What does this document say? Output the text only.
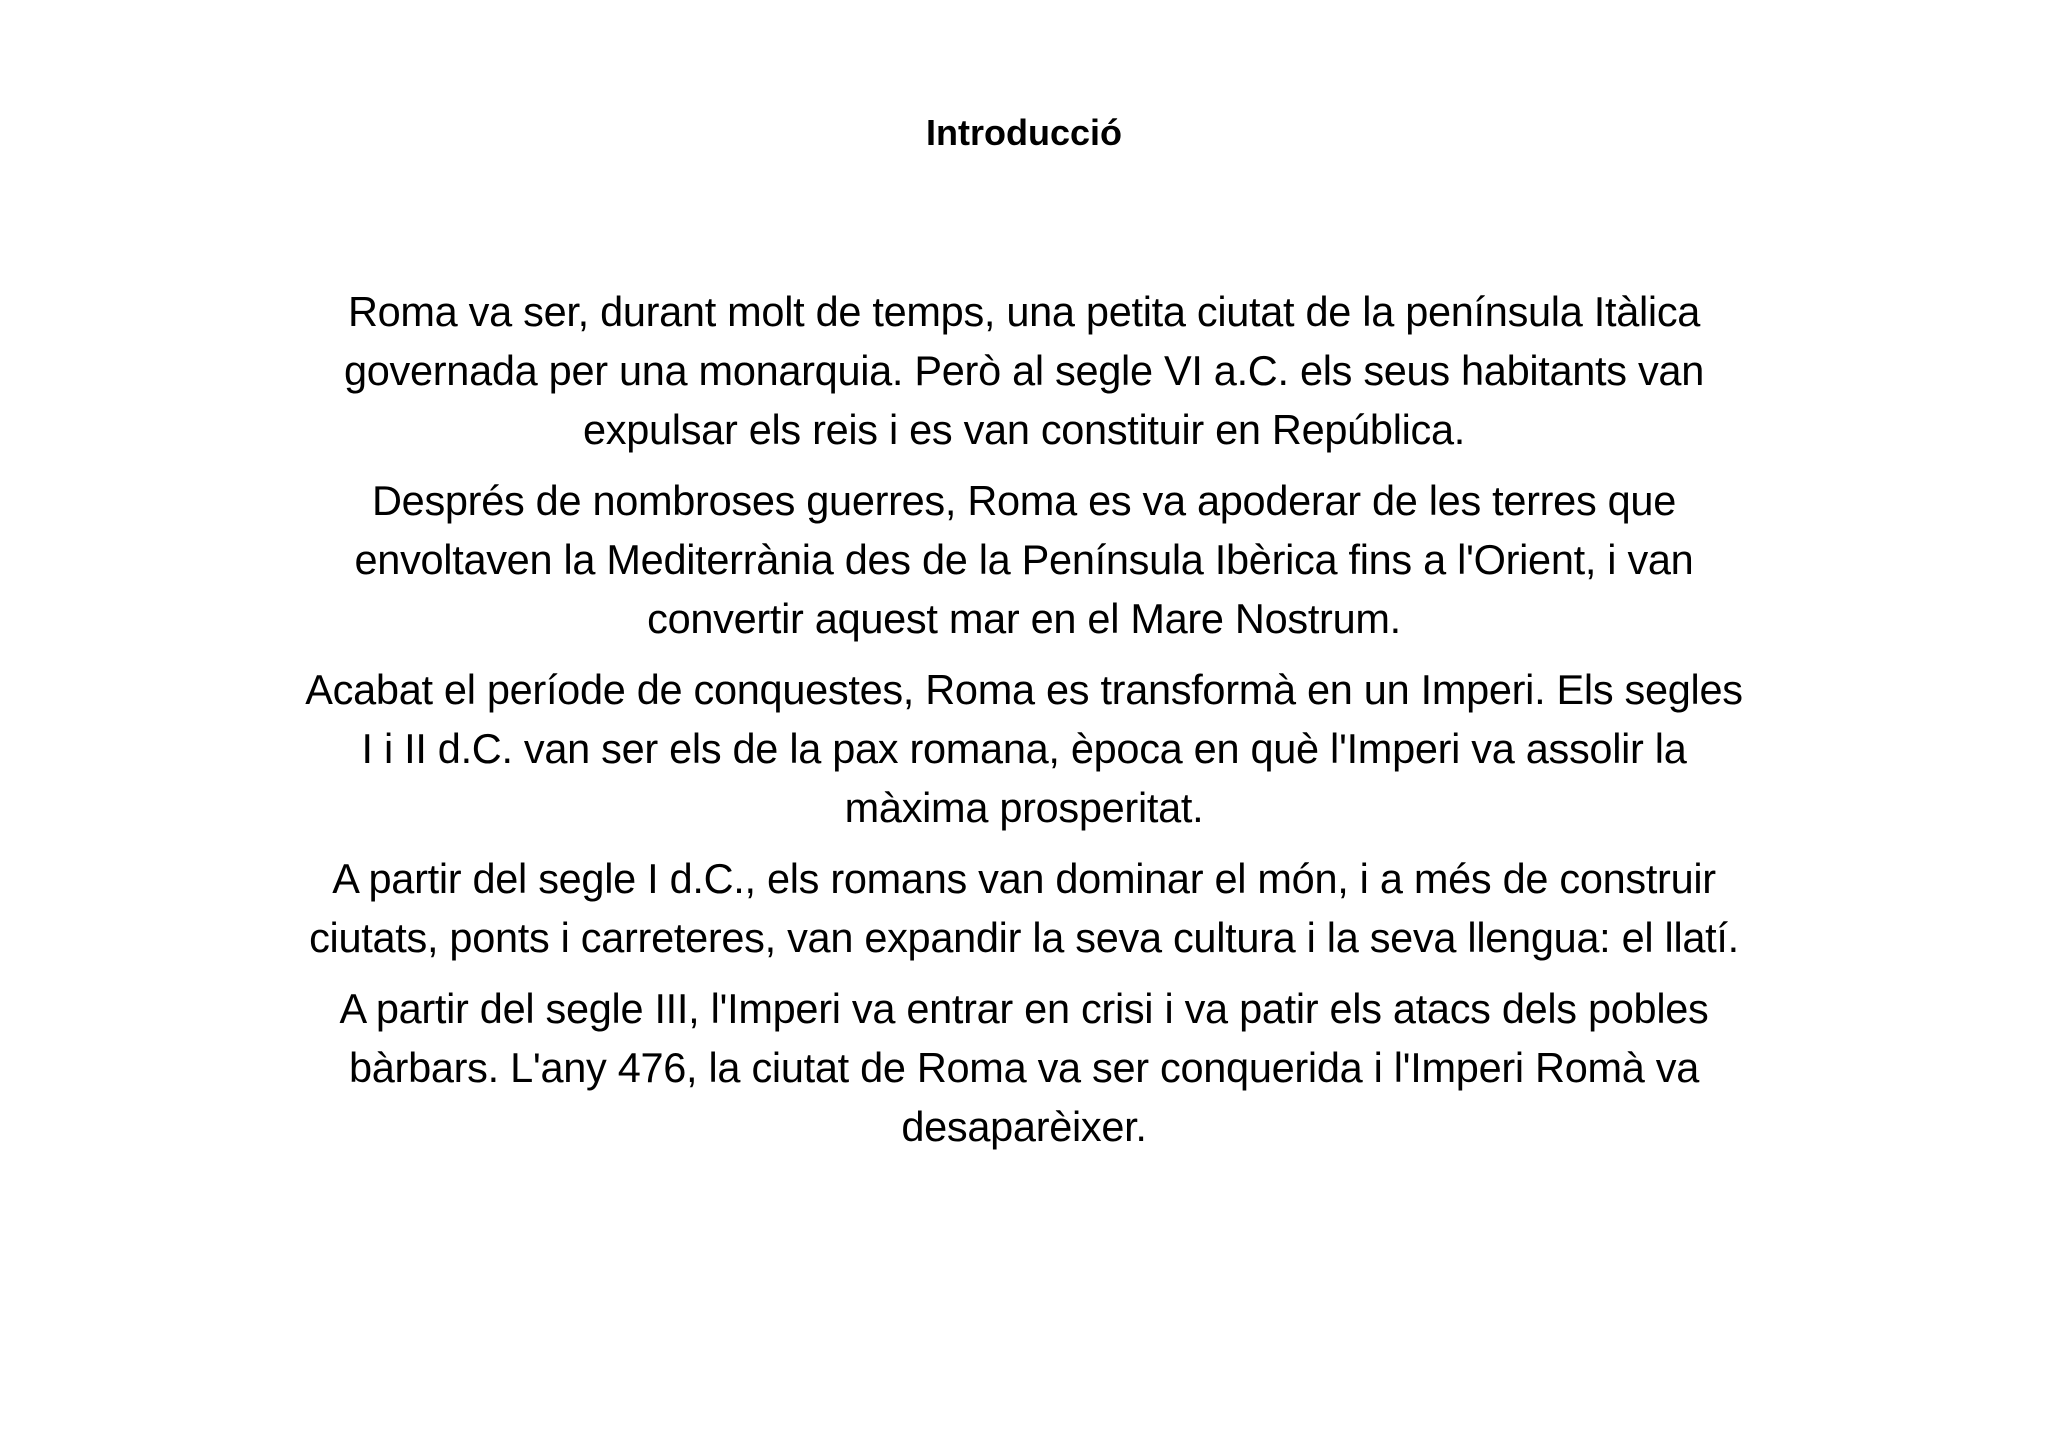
Introducció

Roma va ser, durant molt de temps, una petita ciutat de la península Itàlica
governada per una monarquia. Però al segle VI a.C. els seus habitants van
expulsar els reis i es van constituir en República.

Després de nombroses guerres, Roma es va apoderar de les terres que
envoltaven la Mediterrània des de la Península Ibèrica fins a l'Orient, i van
convertir aquest mar en el Mare Nostrum.

Acabat el període de conquestes, Roma es transformà en un Imperi. Els segles
I i II d.C. van ser els de la pax romana, època en què l'Imperi va assolir la
màxima prosperitat.

A partir del segle I d.C., els romans van dominar el món, i a més de construir
ciutats, ponts i carreteres, van expandir la seva cultura i la seva llengua: el llatí.

A partir del segle III, l'Imperi va entrar en crisi i va patir els atacs dels pobles
bàrbars. L'any 476, la ciutat de Roma va ser conquerida i l'Imperi Romà va
desaparèixer.
